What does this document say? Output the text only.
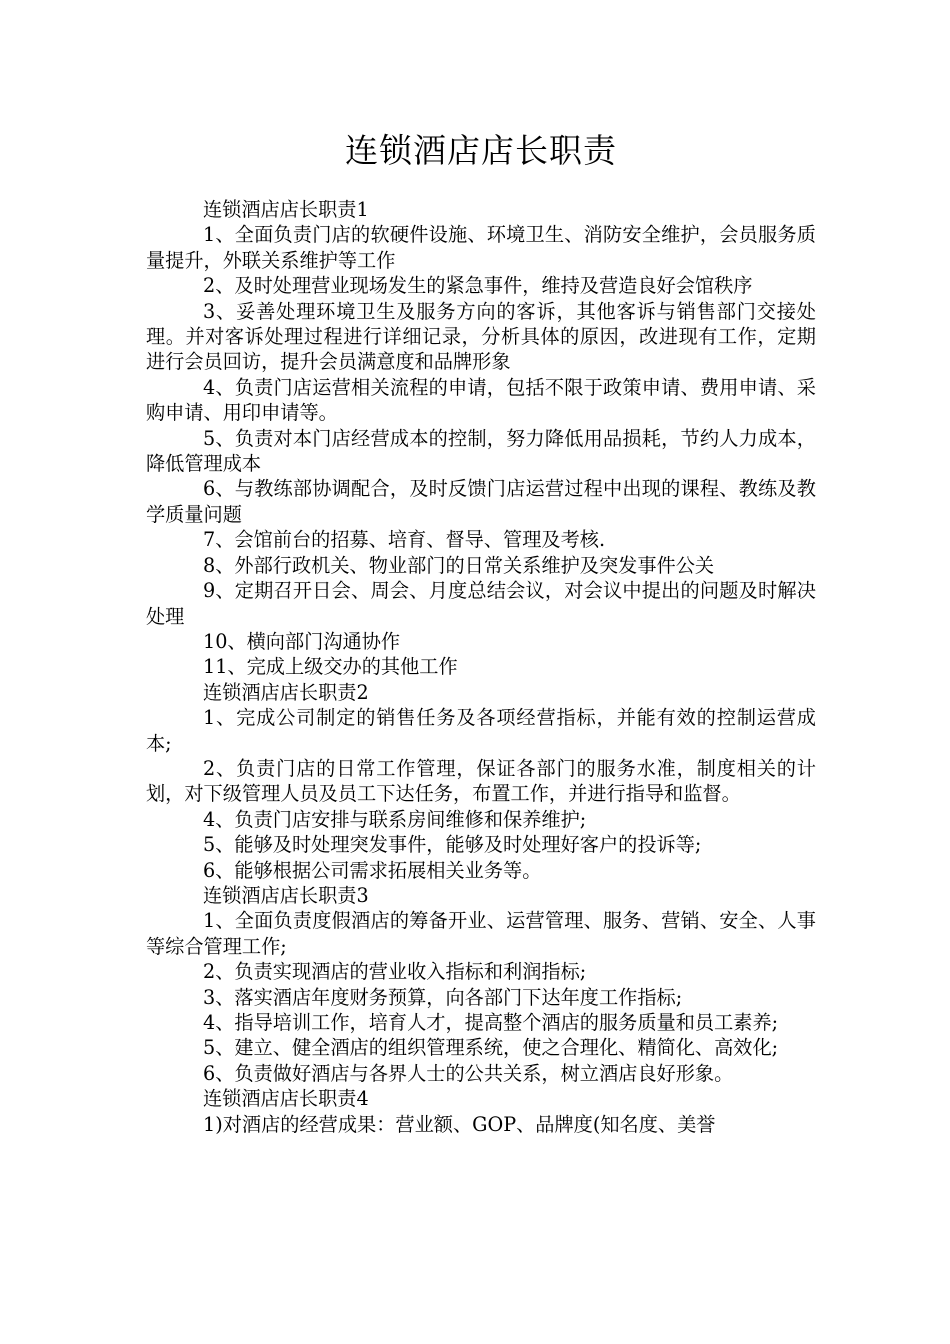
连锁酒店店长职责

连锁酒店店长职责1

1、全面负责门店的软硬件设施、环境卫生、消防安全维护，会员服务质量提升，外联关系维护等工作

2、及时处理营业现场发生的紧急事件，维持及营造良好会馆秩序

3、妥善处理环境卫生及服务方向的客诉，其他客诉与销售部门交接处理。并对客诉处理过程进行详细记录，分析具体的原因，改进现有工作，定期进行会员回访，提升会员满意度和品牌形象

4、负责门店运营相关流程的申请，包括不限于政策申请、费用申请、采购申请、用印申请等。

5、负责对本门店经营成本的控制，努力降低用品损耗，节约人力成本，降低管理成本

6、与教练部协调配合，及时反馈门店运营过程中出现的课程、教练及教学质量问题

7、会馆前台的招募、培育、督导、管理及考核.

8、外部行政机关、物业部门的日常关系维护及突发事件公关

9、定期召开日会、周会、月度总结会议，对会议中提出的问题及时解决处理

10、横向部门沟通协作

11、完成上级交办的其他工作

连锁酒店店长职责2

1、完成公司制定的销售任务及各项经营指标，并能有效的控制运营成本;

2、负责门店的日常工作管理，保证各部门的服务水准，制度相关的计划，对下级管理人员及员工下达任务，布置工作，并进行指导和监督。

4、负责门店安排与联系房间维修和保养维护;

5、能够及时处理突发事件，能够及时处理好客户的投诉等;

6、能够根据公司需求拓展相关业务等。

连锁酒店店长职责3

1、全面负责度假酒店的筹备开业、运营管理、服务、营销、安全、人事等综合管理工作;

2、负责实现酒店的营业收入指标和利润指标;

3、落实酒店年度财务预算，向各部门下达年度工作指标;

4、指导培训工作，培育人才，提高整个酒店的服务质量和员工素养;

5、建立、健全酒店的组织管理系统，使之合理化、精简化、高效化;

6、负责做好酒店与各界人士的公共关系，树立酒店良好形象。

连锁酒店店长职责4

1)对酒店的经营成果：营业额、GOP、品牌度(知名度、美誉
